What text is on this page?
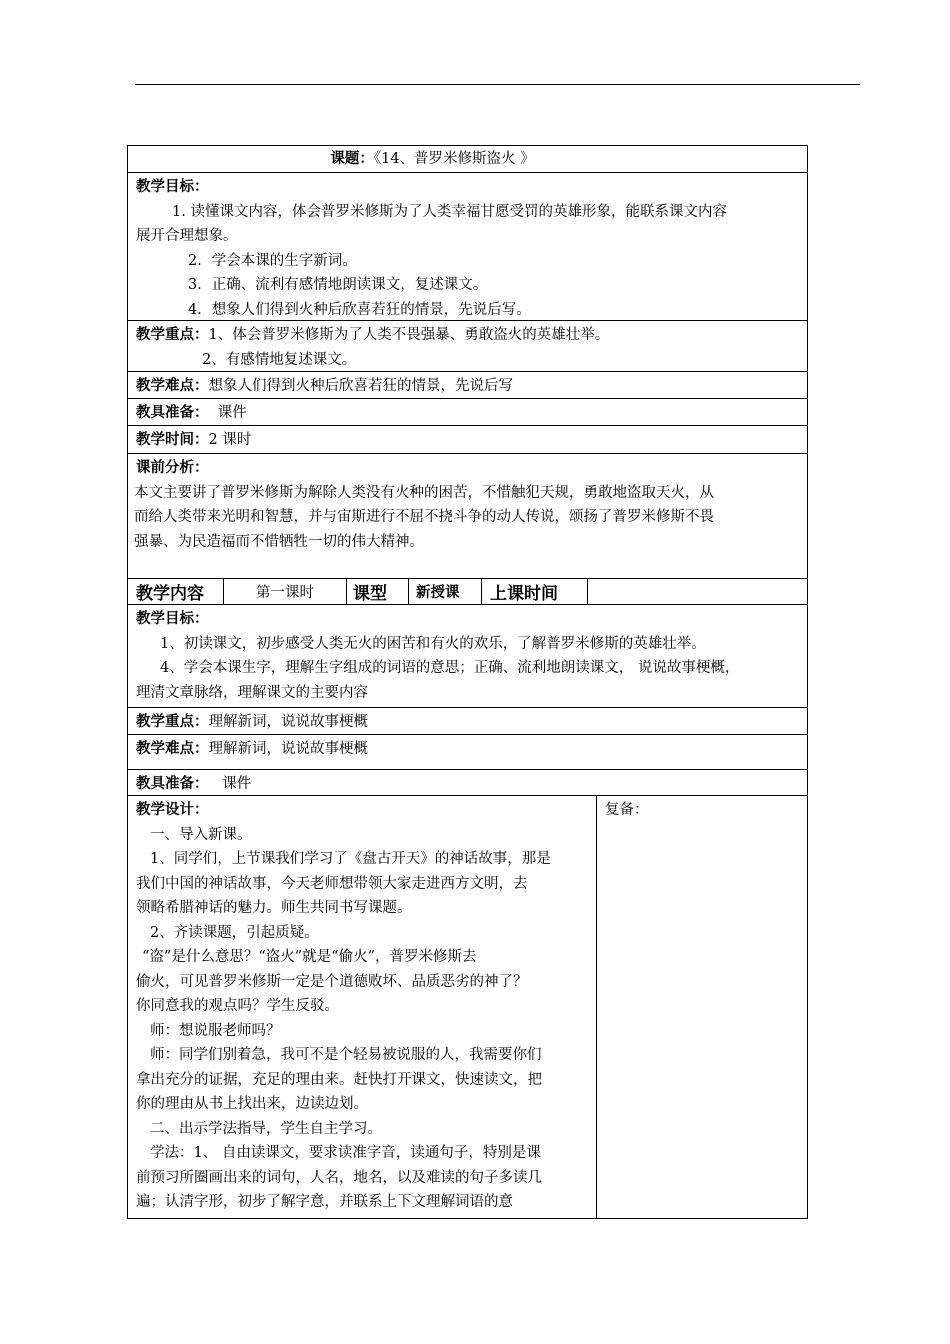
课题：《14、普罗米修斯盗火 》
教学目标：
1. 读懂课文内容，体会普罗米修斯为了人类幸福甘愿受罚的英雄形象，能联系课文内容
展开合理想象。
2．学会本课的生字新词。
3．正确、流利有感情地朗读课文，复述课文。
4．想象人们得到火种后欣喜若狂的情景，先说后写。
教学重点：1、体会普罗米修斯为了人类不畏强暴、勇敢盗火的英雄壮举。
2、有感情地复述课文。
教学难点：想象人们得到火种后欣喜若狂的情景，先说后写
教具准备： 课件
教学时间：2 课时
课前分析：
本文主要讲了普罗米修斯为解除人类没有火种的困苦，不惜触犯天规，勇敢地盗取天火，从
而给人类带来光明和智慧，并与宙斯进行不屈不挠斗争的动人传说，颂扬了普罗米修斯不畏
强暴、为民造福而不惜牺牲一切的伟大精神。
教学内容	第一课时 课型 新授课 上课时间
教学目标：
1、初读课文，初步感受人类无火的困苦和有火的欢乐，了解普罗米修斯的英雄壮举。
4、学会本课生字，理解生字组成的词语的意思；正确、流利地朗读课文， 说说故事梗概，
理清文章脉络，理解课文的主要内容
教学重点：理解新词，说说故事梗概
教学难点：理解新词，说说故事梗概
教具准备： 课件
教学设计：
一、导入新课。
1、同学们，上节课我们学习了《盘古开天》的神话故事，那是
我们中国的神话故事，今天老师想带领大家走进西方文明，去
领略希腊神话的魅力。师生共同书写课题。
2、齐读课题，引起质疑。
“盗”是什么意思？“盗火”就是“偷火”，普罗米修斯去
偷火，可见普罗米修斯一定是个道德败坏、品质恶劣的神了？
你同意我的观点吗？学生反驳。
师：想说服老师吗？
师：同学们别着急，我可不是个轻易被说服的人，我需要你们
拿出充分的证据，充足的理由来。赶快打开课文，快速读文，把
你的理由从书上找出来，边读边划。
二、出示学法指导，学生自主学习。
学法：1、 自由读课文，要求读准字音，读通句子，特别是课
前预习所圈画出来的词句，人名，地名，以及难读的句子多读几
遍；认清字形，初步了解字意，并联系上下文理解词语的意
复备：
